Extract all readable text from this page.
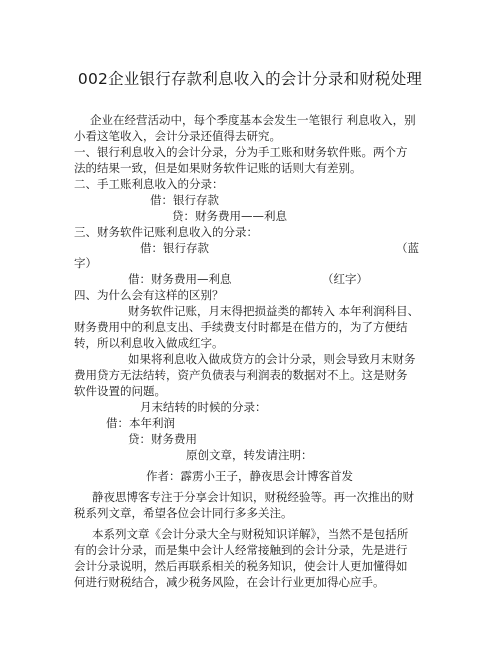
002企业银行存款利息收入的会计分录和财税处理
企业在经营活动中，每个季度基本会发生一笔银行 利息收入，别
小看这笔收入，会计分录还值得去研究。
一、银行利息收入的会计分录，分为手工账和财务软件账。两个方
法的结果一致，但是如果财务软件记账的话则大有差别。
二、手工账利息收入的分录：
借：银行存款
贷：财务费用——利息
三、财务软件记账利息收入的分录：
借：银行存款	（蓝
字）
借：财务费用—利息	（红字）
四、为什么会有这样的区别？
财务软件记账，月末得把损益类的都转入 本年利润科目、
财务费用中的利息支出、手续费支付时都是在借方的，为了方便结
转，所以利息收入做成红字。
如果将利息收入做成贷方的会计分录，则会导致月末财务
费用贷方无法结转，资产负债表与利润表的数据对不上。这是财务
软件设置的问题。
月末结转的时候的分录：
借：本年利润
贷：财务费用
原创文章，转发请注明：
作者：霹雳小王子，静夜思会计博客首发
静夜思博客专注于分享会计知识，财税经验等。再一次推出的财
税系列文章，希望各位会计同行多多关注。
本系列文章《会计分录大全与财税知识详解》，当然不是包括所
有的会计分录，而是集中会计人经常接触到的会计分录，先是进行
会计分录说明，然后再联系相关的税务知识，使会计人更加懂得如
何进行财税结合，减少税务风险，在会计行业更加得心应手。
